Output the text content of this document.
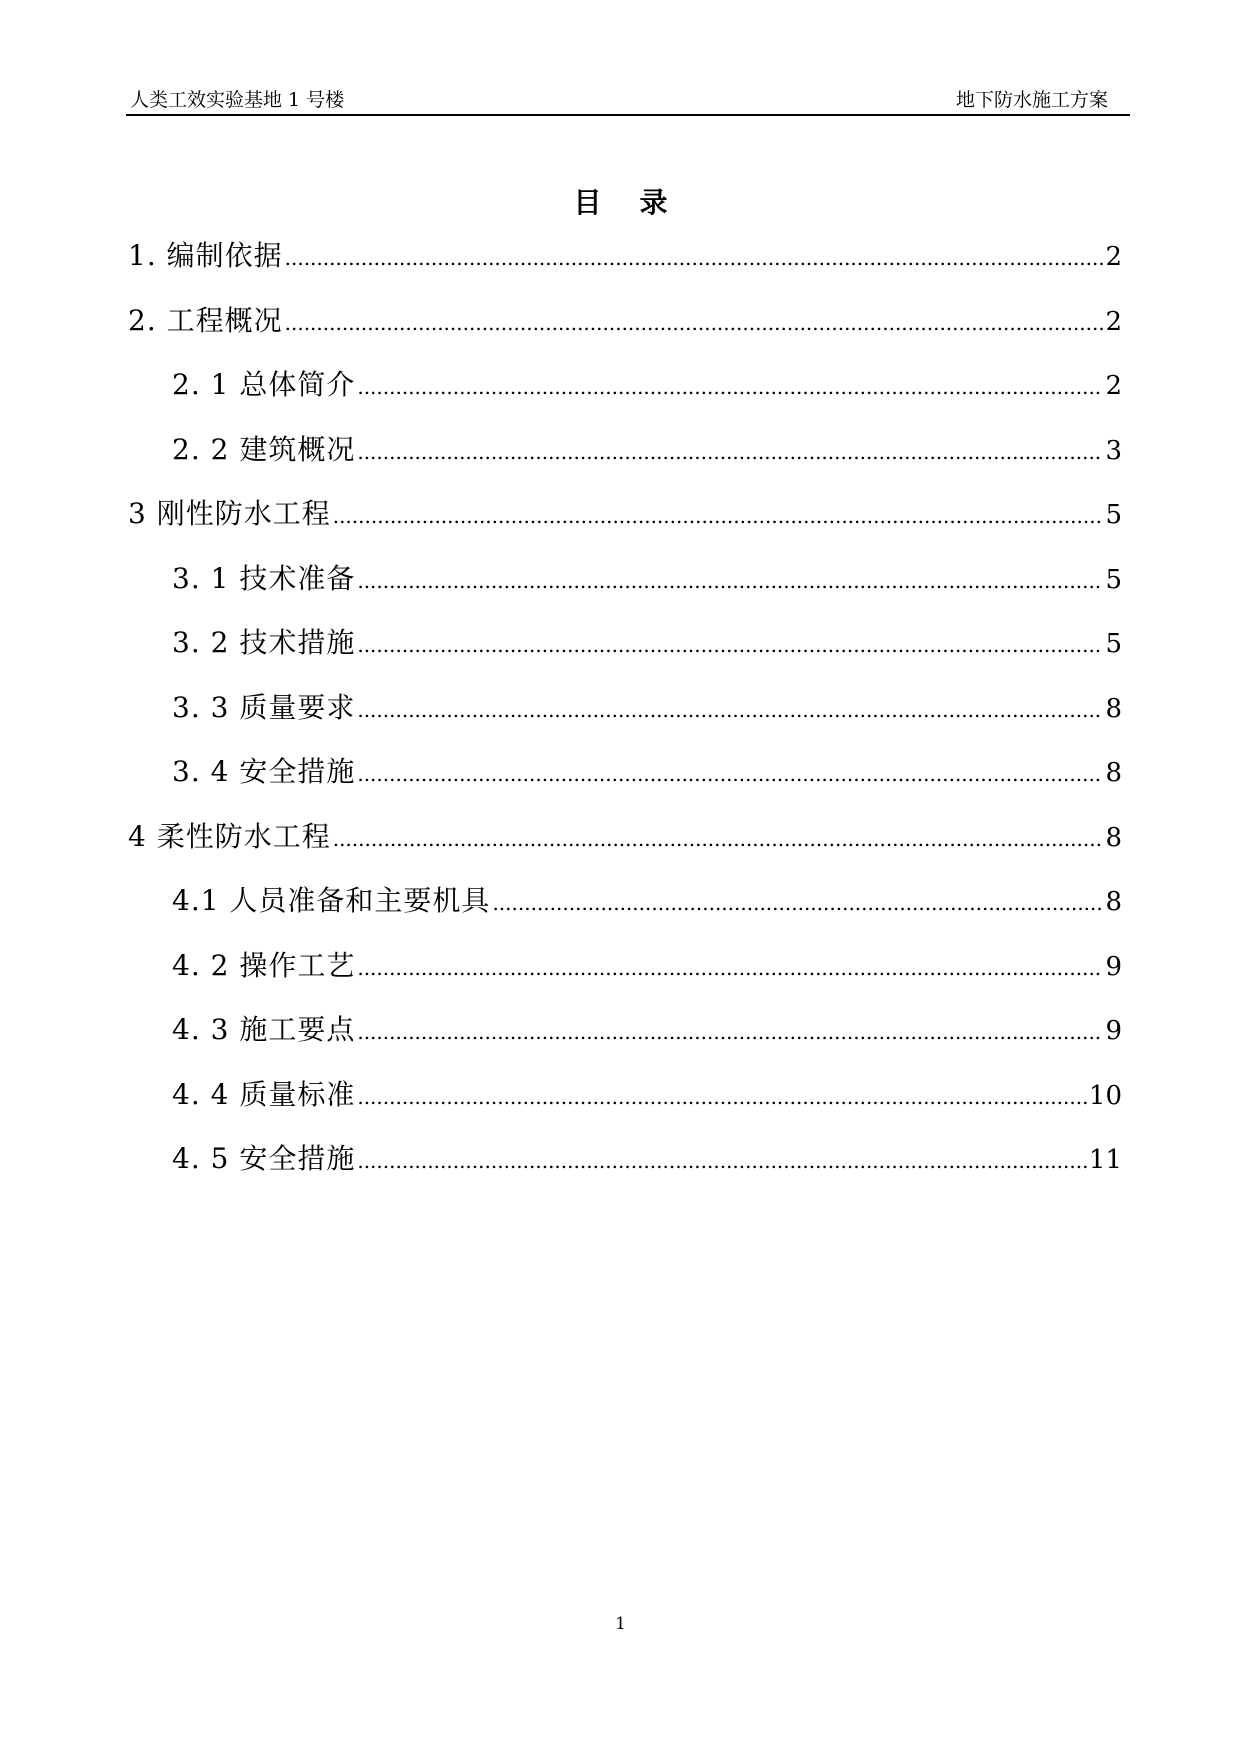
人类工效实验基地 1 号楼	地下防水施工方案
目录
1. 编制依据 .....	2
2. 工程概况 .....	2
2. 1 总体简介 .....	2
2. 2 建筑概况 .....	3
3 刚性防水工程 .....	5
3. 1 技术准备 .....	5
3. 2 技术措施 .....	5
3. 3 质量要求 .....	8
3. 4 安全措施 .....	8
4 柔性防水工程 .....	8
4.1 人员准备和主要机具 .....	8
4. 2 操作工艺 .....	9
4. 3 施工要点 .....	9
4. 4 质量标准 .....	10
4. 5 安全措施 .....	11
1
